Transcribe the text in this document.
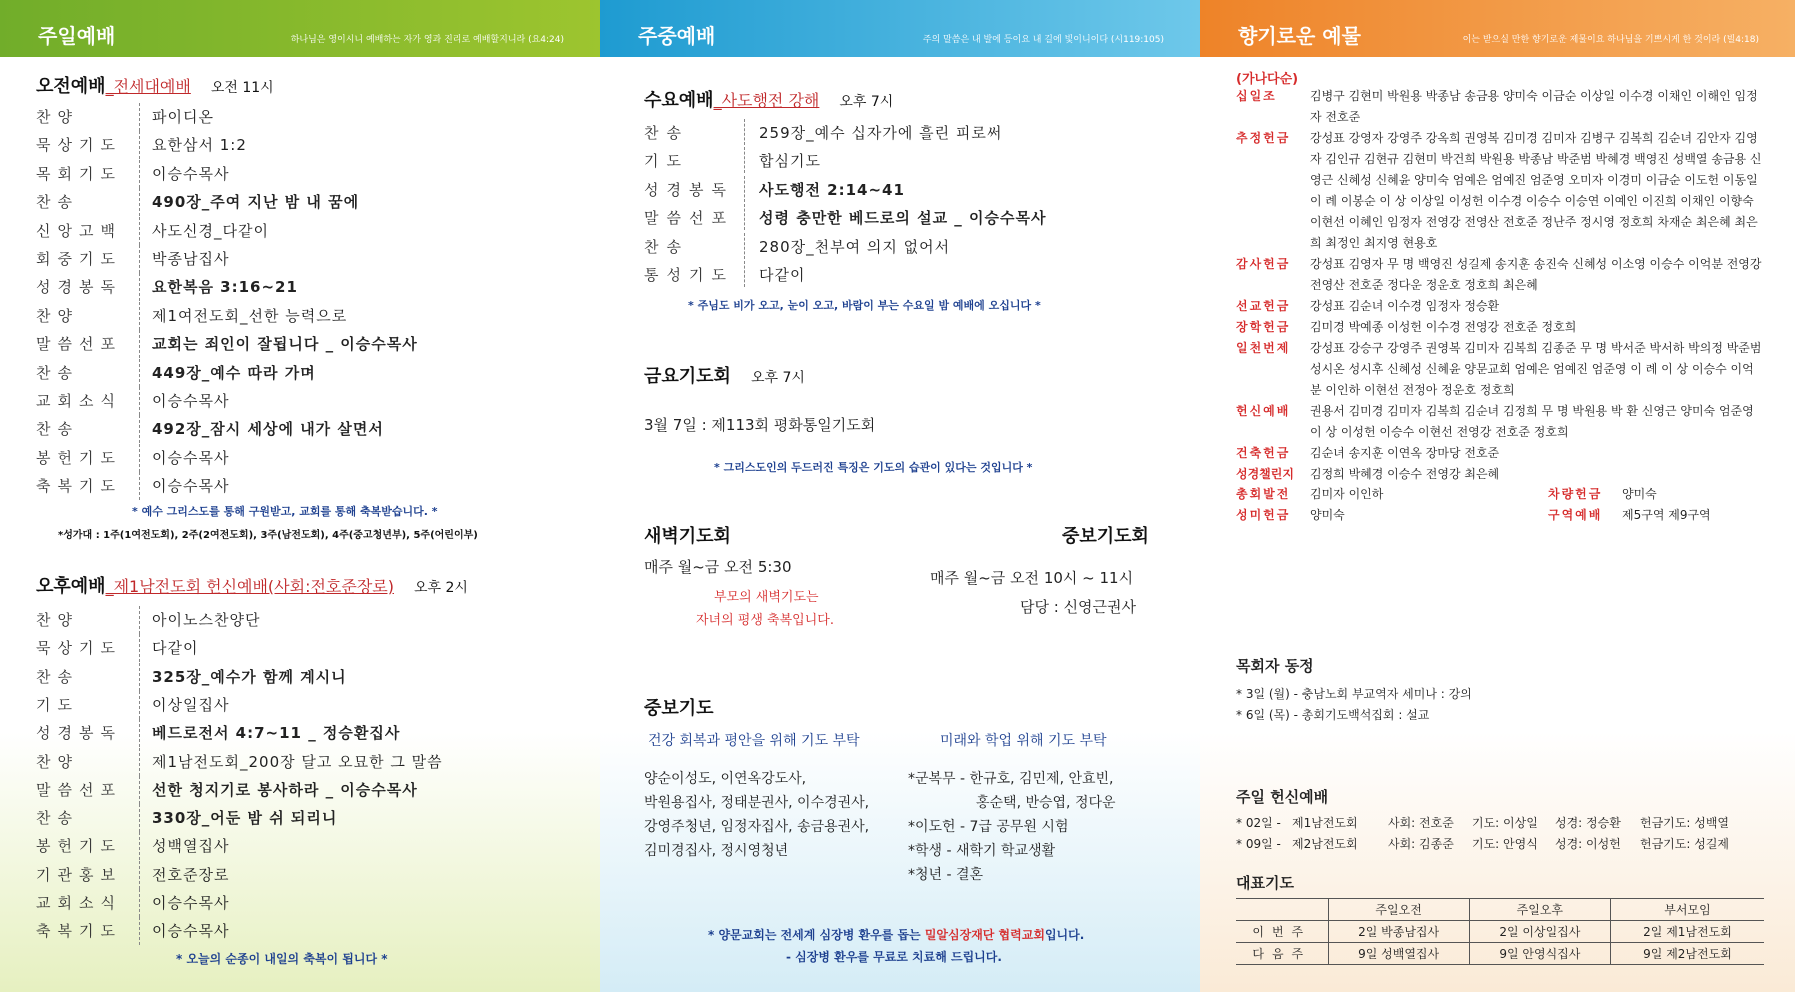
주일예배	하나님은 영이시니 예배하는 자가 영과 진리로 예배할지니라 (요4:24)
오전예배_전세대예배 오전 11시
찬양	파이디온
묵상기도	요한삼서 1:2
목회기도	이승수목사
찬송	490장_주여 지난 밤 내 꿈에
신앙고백	사도신경_다같이
회중기도	박종남집사
성경봉독	요한복음 3:16~21
찬양	제1여전도회_선한 능력으로
말씀선포	교회는 죄인이 잘됩니다 _ 이승수목사
찬송	449장_예수 따라 가며
교회소식	이승수목사
찬송	492장_잠시 세상에 내가 살면서
봉헌기도	이승수목사
축복기도	이승수목사
* 예수 그리스도를 통해 구원받고, 교회를 통해 축복받습니다. *
*성가대 : 1주(1여전도회), 2주(2여전도회), 3주(남전도회), 4주(중고청년부), 5주(어린이부)
오후예배_제1남전도회 헌신예배(사회:전호준장로) 오후 2시
찬양	아이노스찬양단
묵상기도	다같이
찬송	325장_예수가 함께 계시니
기도	이상일집사
성경봉독	베드로전서 4:7~11 _ 정승환집사
찬양	제1남전도회_200장 달고 오묘한 그 말씀
말씀선포	선한 청지기로 봉사하라 _ 이승수목사
찬송	330장_어둔 밤 쉬 되리니
봉헌기도	성백열집사
기관홍보	전호준장로
교회소식	이승수목사
축복기도	이승수목사
* 오늘의 순종이 내일의 축복이 됩니다 *
주중예배	주의 말씀은 내 발에 등이요 내 길에 빛이니이다 (시119:105)
수요예배_사도행전 강해 오후 7시
찬송	259장_예수 십자가에 흘린 피로써
기도	합심기도
성경봉독	사도행전 2:14~41
말씀선포	성령 충만한 베드로의 설교 _ 이승수목사
찬송	280장_천부여 의지 없어서
통성기도	다같이
* 주님도 비가 오고, 눈이 오고, 바람이 부는 수요일 밤 예배에 오십니다 *
금요기도회 오후 7시
3월 7일 : 제113회 평화통일기도회
* 그리스도인의 두드러진 특징은 기도의 습관이 있다는 것입니다 *
새벽기도회
매주 월~금 오전 5:30
부모의 새벽기도는
자녀의 평생 축복입니다.
중보기도회
매주 월~금 오전 10시 ~ 11시
담당 : 신영근권사
중보기도
건강 회복과 평안을 위해 기도 부탁	미래와 학업 위해 기도 부탁
양순이성도, 이연옥강도사,
박원용집사, 정태분권사, 이수경권사,
강영주청년, 임정자집사, 송금용권사,
김미경집사, 정시영청년
*군복무 - 한규호, 김민제, 안효빈,
홍순택, 반승엽, 정다운
*이도헌 - 7급 공무원 시험
*학생 - 새학기 학교생활
*청년 - 결혼
* 양문교회는 전세계 심장병 환우를 돕는 밀알심장재단 협력교회입니다.
- 심장병 환우를 무료로 치료해 드립니다.
향기로운 예물	이는 받으실 만한 향기로운 제물이요 하나님을 기쁘시게 한 것이라 (빌4:18)
(가나다순)
십일조	김병구 김현미 박원용 박종남 송금용 양미숙 이금순 이상일 이수경 이채인 이해인 임정자 전호준
추정헌금	강성표 강영자 강영주 강옥희 권영복 김미경 김미자 김병구 김복희 김순녀 김안자 김영자 김인규 김현규 김현미 박건희 박원용 박종남 박준범 박혜경 백영진 성백열 송금용 신영근 신혜성 신혜윤 양미숙 엄예은 엄예진 엄준영 오미자 이경미 이금순 이도헌 이동일 이 례 이봉순 이 상 이상일 이성헌 이수경 이승수 이승연 이예인 이진희 이채인 이향숙 이현선 이혜인 임정자 전영강 전영산 전호준 정난주 정시영 정호희 차재순 최은혜 최은희 최정인 최지영 현용호
감사헌금	강성표 김영자 무 명 백영진 성길제 송지훈 송진숙 신혜성 이소영 이승수 이억분 전영강 전영산 전호준 정다운 정운호 정호희 최은혜
선교헌금	강성표 김순녀 이수경 임정자 정승환
장학헌금	김미경 박예종 이성헌 이수경 전영강 전호준 정호희
일천번제	강성표 강승구 강영주 권영복 김미자 김복희 김종준 무 명 박서준 박서하 박의정 박준범 성시온 성시후 신혜성 신혜윤 양문교회 엄예은 엄예진 엄준영 이 례 이 상 이승수 이억분 이인하 이현선 전정아 정운호 정호희
헌신예배	권용서 김미경 김미자 김복희 김순녀 김정희 무 명 박원용 박 환 신영근 양미숙 엄준영 이 상 이성헌 이승수 이현선 전영강 전호준 정호희
건축헌금	김순녀 송지훈 이연옥 장마당 전호준
성경챌린지	김정희 박혜경 이승수 전영강 최은혜
총회발전	김미자 이인하	차량헌금	양미숙
성미헌금	양미숙	구역예배	제5구역 제9구역
목회자 동정
* 3일 (월) - 충남노회 부교역자 세미나 : 강의
* 6일 (목) - 총회기도백석집회 : 설교
주일 헌신예배
* 02일 - 제1남전도회	사회: 전호준 기도: 이상일 성경: 정승환 헌금기도: 성백열
* 09일 - 제2남전도회	사회: 김종준 기도: 안영식 성경: 이성헌 헌금기도: 성길제
대표기도
	주일오전	주일오후	부서모임
이번주	2일 박종남집사	2일 이상일집사	2일 제1남전도회
다음주	9일 성백열집사	9일 안영식집사	9일 제2남전도회
